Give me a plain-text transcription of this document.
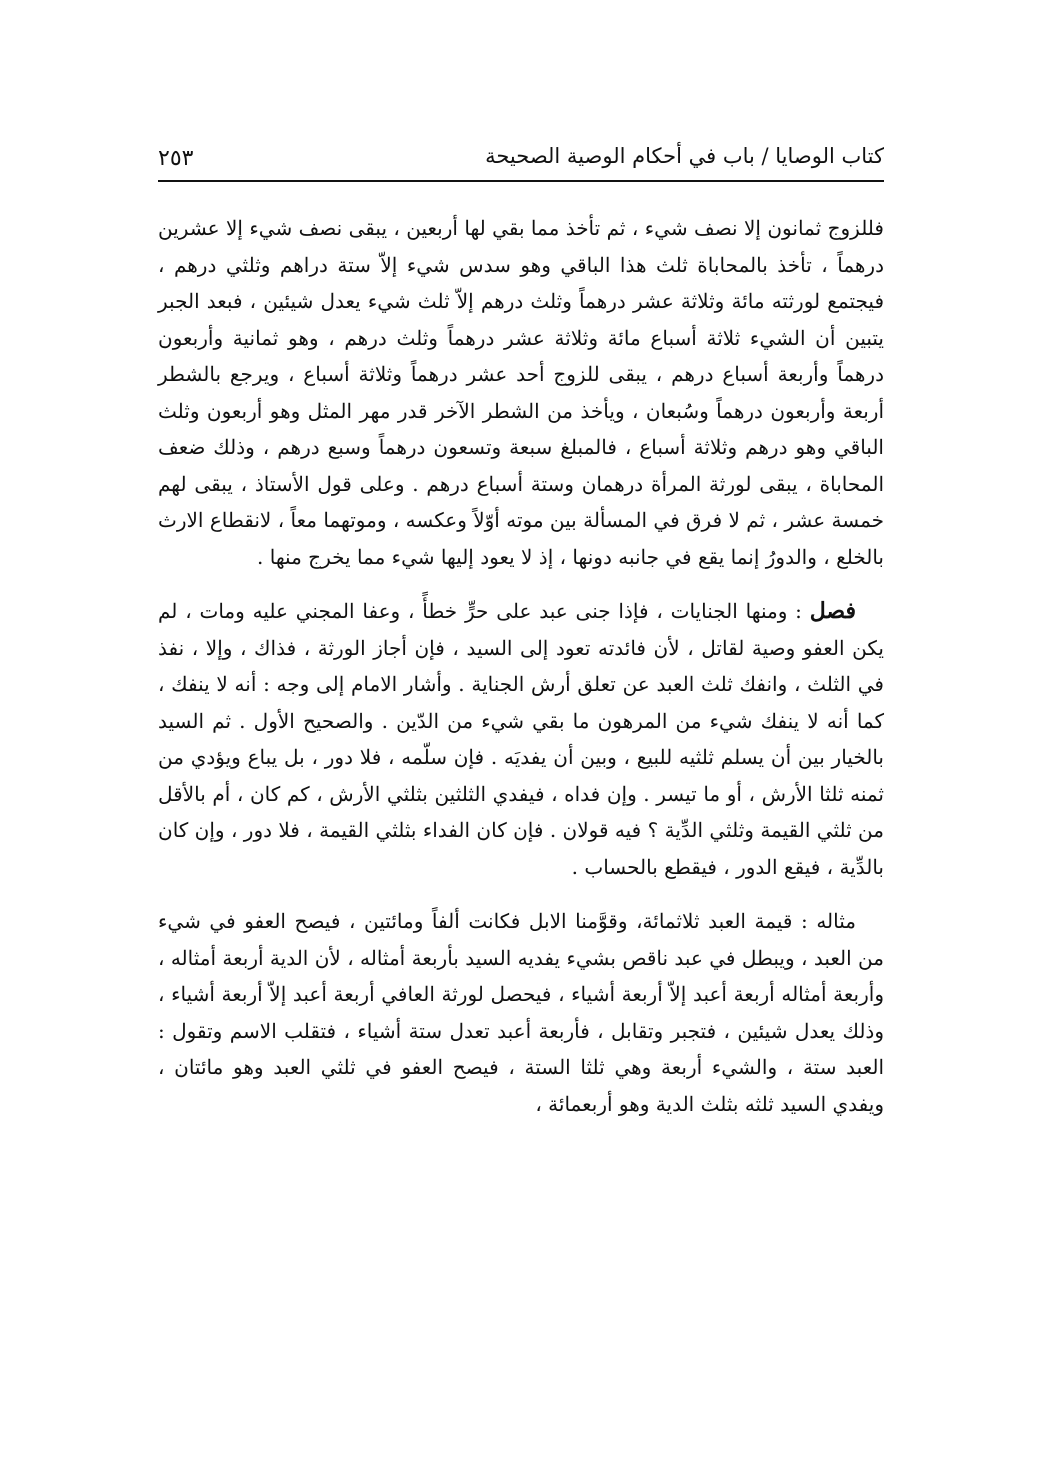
كتاب الوصايا / باب في أحكام الوصية الصحيحة
٢٥٣

فللزوج ثمانون إلا نصف شيء ، ثم تأخذ مما بقي لها أربعين ، يبقى نصف شيء إلا عشرين درهماً ، تأخذ بالمحاباة ثلث هذا الباقي وهو سدس شيء إلاّ ستة دراهم وثلثي درهم ، فيجتمع لورثته مائة وثلاثة عشر درهماً وثلث درهم إلاّ ثلث شيء يعدل شيئين ، فبعد الجبر يتبين أن الشيء ثلاثة أسباع مائة وثلاثة عشر درهماً وثلث درهم ، وهو ثمانية وأربعون درهماً وأربعة أسباع درهم ، يبقى للزوج أحد عشر درهماً وثلاثة أسباع ، ويرجع بالشطر أربعة وأربعون درهماً وسُبعان ، ويأخذ من الشطر الآخر قدر مهر المثل وهو أربعون وثلث الباقي وهو درهم وثلاثة أسباع ، فالمبلغ سبعة وتسعون درهماً وسبع درهم ، وذلك ضعف المحاباة ، يبقى لورثة المرأة درهمان وستة أسباع درهم . وعلى قول الأستاذ ، يبقى لهم خمسة عشر ، ثم لا فرق في المسألة بين موته أوّلاً وعكسه ، وموتهما معاً ، لانقطاع الارث بالخلع ، والدورُ إنما يقع في جانبه دونها ، إذ لا يعود إليها شيء مما يخرج منها .

فصل : ومنها الجنايات ، فإذا جنى عبد على حرٍّ خطأً ، وعفا المجني عليه ومات ، لم يكن العفو وصية لقاتل ، لأن فائدته تعود إلى السيد ، فإن أجاز الورثة ، فذاك ، وإلا ، نفذ في الثلث ، وانفك ثلث العبد عن تعلق أرش الجناية . وأشار الامام إلى وجه : أنه لا ينفك ، كما أنه لا ينفك شيء من المرهون ما بقي شيء من الدّين . والصحيح الأول . ثم السيد بالخيار بين أن يسلم ثلثيه للبيع ، وبين أن يفديَه . فإن سلّمه ، فلا دور ، بل يباع ويؤدي من ثمنه ثلثا الأرش ، أو ما تيسر . وإن فداه ، فيفدي الثلثين بثلثي الأرش ، كم كان ، أم بالأقل من ثلثي القيمة وثلثي الدِّية ؟ فيه قولان . فإن كان الفداء بثلثي القيمة ، فلا دور ، وإن كان بالدِّية ، فيقع الدور ، فيقطع بالحساب .

مثاله : قيمة العبد ثلاثمائة، وقوَّمنا الابل فكانت ألفاً ومائتين ، فيصح العفو في شيء من العبد ، ويبطل في عبد ناقص بشيء يفديه السيد بأربعة أمثاله ، لأن الدية أربعة أمثاله ، وأربعة أمثاله أربعة أعبد إلاّ أربعة أشياء ، فيحصل لورثة العافي أربعة أعبد إلاّ أربعة أشياء ، وذلك يعدل شيئين ، فتجبر وتقابل ، فأربعة أعبد تعدل ستة أشياء ، فتقلب الاسم وتقول : العبد ستة ، والشيء أربعة وهي ثلثا الستة ، فيصح العفو في ثلثي العبد وهو مائتان ، ويفدي السيد ثلثه بثلث الدية وهو أربعمائة ،
